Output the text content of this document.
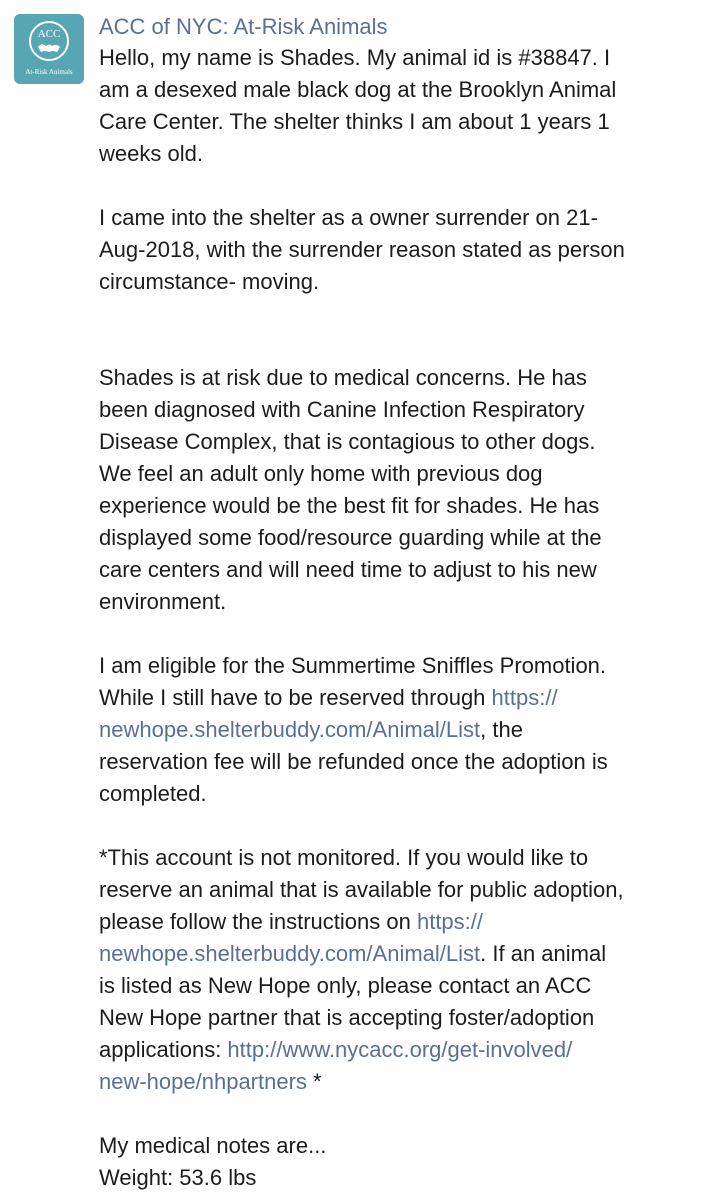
ACC
At-Risk Animals
ACC of NYC: At-Risk Animals
Hello, my name is Shades. My animal id is #38847. I
am a desexed male black dog at the Brooklyn Animal
Care Center. The shelter thinks I am about 1 years 1
weeks old.
I came into the shelter as a owner surrender on 21-
Aug-2018, with the surrender reason stated as person
circumstance- moving.
Shades is at risk due to medical concerns. He has
been diagnosed with Canine Infection Respiratory
Disease Complex, that is contagious to other dogs.
We feel an adult only home with previous dog
experience would be the best fit for shades. He has
displayed some food/resource guarding while at the
care centers and will need time to adjust to his new
environment.
I am eligible for the Summertime Sniffles Promotion.
While I still have to be reserved through https://
newhope.shelterbuddy.com/Animal/List, the
reservation fee will be refunded once the adoption is
completed.
*This account is not monitored. If you would like to
reserve an animal that is available for public adoption,
please follow the instructions on https://
newhope.shelterbuddy.com/Animal/List. If an animal
is listed as New Hope only, please contact an ACC
New Hope partner that is accepting foster/adoption
applications: http://www.nycacc.org/get-involved/
new-hope/nhpartners *
My medical notes are...
Weight: 53.6 lbs
